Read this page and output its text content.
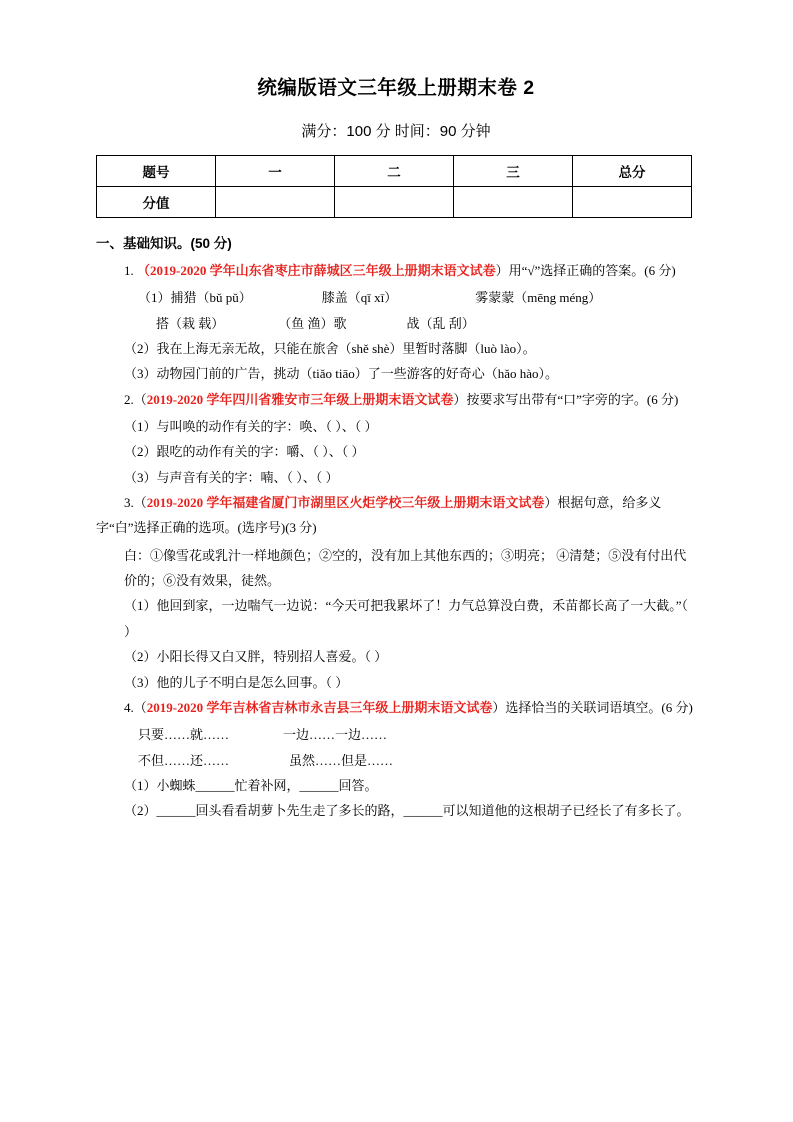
统编版语文三年级上册期末卷 2
满分：100 分 时间：90 分钟
题号	一	二	三	总分
分值				
一、基础知识。(50 分)
1. （2019-2020 学年山东省枣庄市薛城区三年级上册期末语文试卷）用“√”选择正确的答案。(6 分)
（1）捕猎（bǔ pǔ）	膝盖（qī xī）	雾蒙蒙（mēng méng）
搭（栽 载）	（鱼 渔）歌	战（乱 刮）
（2）我在上海无亲无故，只能在旅舍（shě shè）里暂时落脚（luò lào）。
（3）动物园门前的广告，挑动（tiǎo tiāo）了一些游客的好奇心（hǎo hào）。
2.（2019-2020 学年四川省雅安市三年级上册期末语文试卷）按要求写出带有“口”字旁的字。(6 分)
（1）与叫唤的动作有关的字：唤、（ ）、（ ）
（2）跟吃的动作有关的字：嚼、（ ）、（ ）
（3）与声音有关的字：喃、（ ）、（ ）
3.（2019-2020 学年福建省厦门市湖里区火炬学校三年级上册期末语文试卷）根据句意，给多义字“白”选择正确的选项。(选序号)(3 分)
白：①像雪花或乳汁一样地颜色；②空的，没有加上其他东西的；③明亮； ④清楚；⑤没有付出代价的；⑥没有效果，徒然。
（1）他回到家，一边喘气一边说：“今天可把我累坏了！力气总算没白费，禾苗都长高了一大截。”（ ）
（2）小阳长得又白又胖，特别招人喜爱。（ ）
（3）他的儿子不明白是怎么回事。（ ）
4.（2019-2020 学年吉林省吉林市永吉县三年级上册期末语文试卷）选择恰当的关联词语填空。(6 分)
只要……就……	一边……一边……
不但……还……	虽然……但是……
（1）小蜘蛛______忙着补网，______回答。
（2）______回头看看胡萝卜先生走了多长的路，______可以知道他的这根胡子已经长了有多长了。
